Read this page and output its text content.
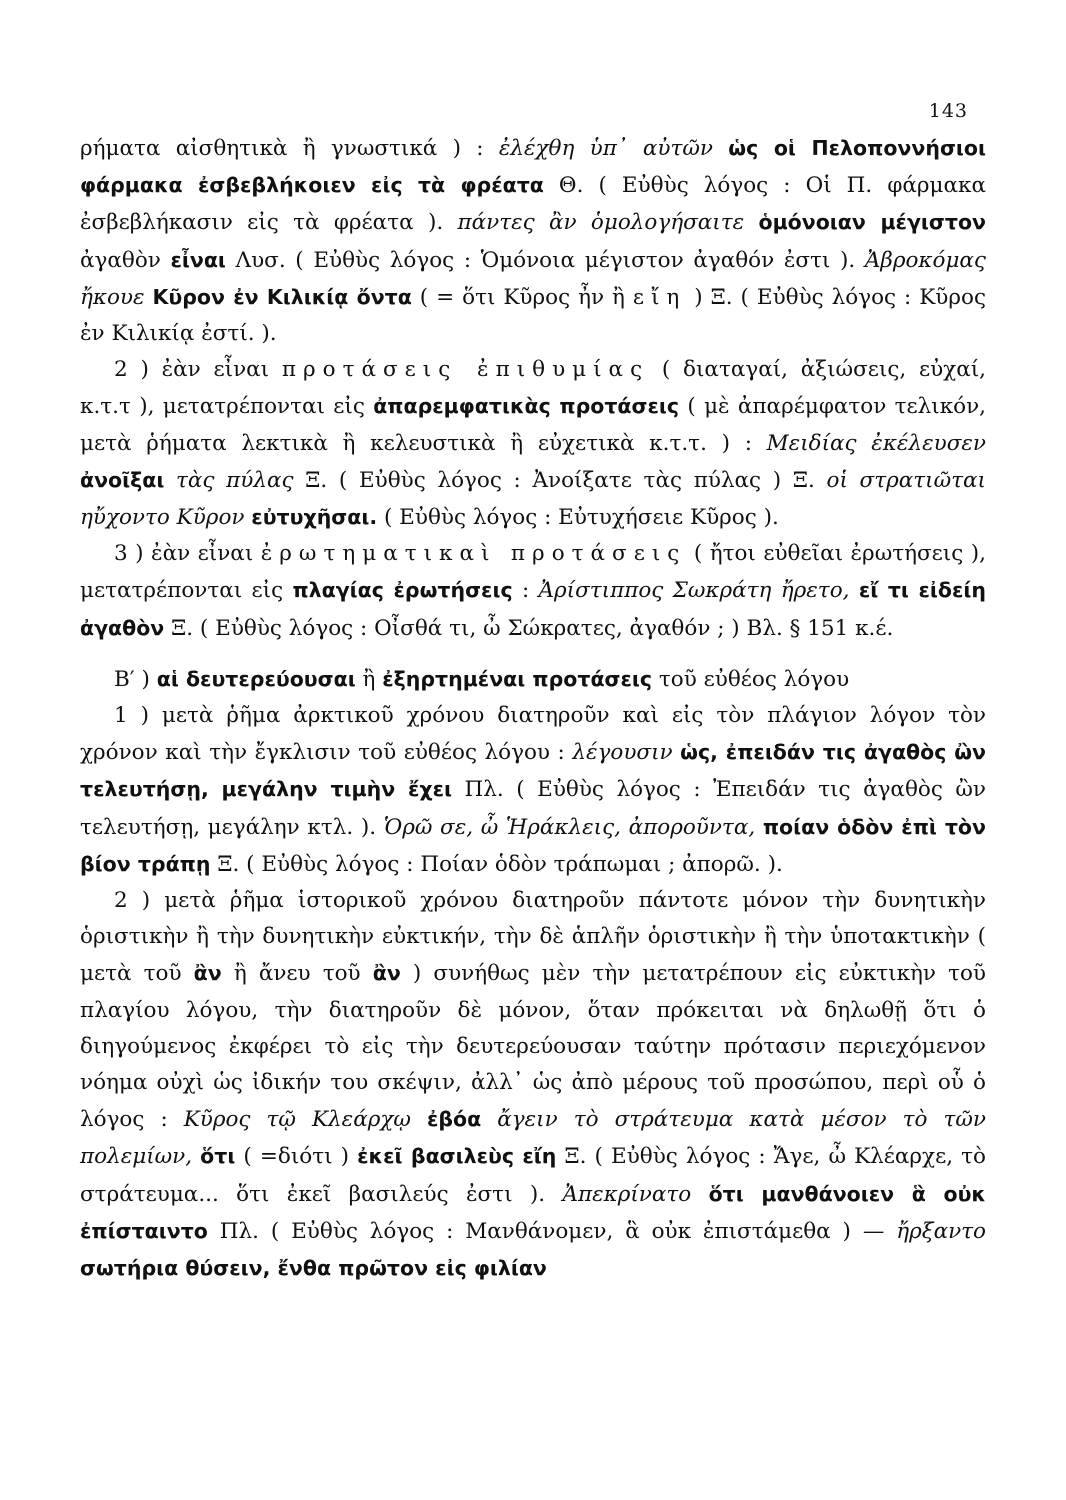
143

ρήματα αἰσθητικὰ ἢ γνωστικά ) : ἐλέχθη ὑπ᾽ αὐτῶν ὡς οἱ Πελοποννήσιοι φάρμακα ἐσβεβλήκοιεν εἰς τὰ φρέατα Θ. ( Εὐθὺς λόγος : Οἱ Π. φάρμακα ἐσβεβλήκασιν εἰς τὰ φρέατα ). πάντες ἂν ὁμολογήσαιτε ὁμόνοιαν μέγιστον ἀγαθὸν εἶναι Λυσ. ( Εὐθὺς λόγος : Ὁμόνοια μέγιστον ἀγαθόν ἐστι ). Ἀβροκόμας ἤκουε Κῦρον ἐν Κιλικίᾳ ὄντα ( = ὅτι Κῦρος ἦν ἢ εἴη ) Ξ. ( Εὐθὺς λόγος : Κῦρος ἐν Κιλικίᾳ ἐστί. ).

2 ) ἐὰν εἶναι προτάσεις ἐπιθυμίας ( διαταγαί, ἀξιώσεις, εὐχαί, κ.τ.τ ), μετατρέπονται εἰς ἀπαρεμφατικὰς προτάσεις ( μὲ ἀπαρέμφατον τελικόν, μετὰ ῥήματα λεκτικὰ ἢ κελευστικὰ ἢ εὐχετικὰ κ.τ.τ. ) : Μειδίας ἐκέλευσεν ἀνοῖξαι τὰς πύλας Ξ. ( Εὐθὺς λόγος : Ἀνοίξατε τὰς πύλας ) Ξ. οἱ στρατιῶται ηὔχοντο Κῦρον εὐτυχῆσαι. ( Εὐθὺς λόγος : Εὐτυχήσειε Κῦρος ).

3 ) ἐὰν εἶναι ἐρωτηματικαὶ προτάσεις ( ἤτοι εὐθεῖαι ἐρωτήσεις ), μετατρέπονται εἰς πλαγίας ἐρωτήσεις : Ἀρίστιππος Σωκράτη ἤρετο, εἴ τι εἰδείη ἀγαθὸν Ξ. ( Εὐθὺς λόγος : Οἶσθά τι, ὦ Σώκρατες, ἀγαθόν ; ) Βλ. § 151 κ.έ.

Β′ ) αἱ δευτερεύουσαι ἢ ἐξηρτημέναι προτάσεις τοῦ εὐθέος λόγου

1 ) μετὰ ῥῆμα ἀρκτικοῦ χρόνου διατηροῦν καὶ εἰς τὸν πλάγιον λόγον τὸν χρόνον καὶ τὴν ἔγκλισιν τοῦ εὐθέος λόγου : λέγουσιν ὡς, ἐπειδάν τις ἀγαθὸς ὢν τελευτήσῃ, μεγάλην τιμὴν ἔχει Πλ. ( Εὐθὺς λόγος : Ἐπειδάν τις ἀγαθὸς ὢν τελευτήσῃ, μεγάλην κτλ. ). Ὁρῶ σε, ὦ Ἡράκλεις, ἀποροῦντα, ποίαν ὁδὸν ἐπὶ τὸν βίον τράπῃ Ξ. ( Εὐθὺς λόγος : Ποίαν ὁδὸν τράπωμαι ; ἀπορῶ. ).

2 ) μετὰ ῥῆμα ἱστορικοῦ χρόνου διατηροῦν πάντοτε μόνον τὴν δυνητικὴν ὁριστικὴν ἢ τὴν δυνητικὴν εὐκτικήν, τὴν δὲ ἁπλῆν ὁριστικὴν ἢ τὴν ὑποτακτικὴν ( μετὰ τοῦ ἂν ἢ ἄνευ τοῦ ἂν ) συνήθως μὲν τὴν μετατρέπουν εἰς εὐκτικὴν τοῦ πλαγίου λόγου, τὴν διατηροῦν δὲ μόνον, ὅταν πρόκειται νὰ δηλωθῇ ὅτι ὁ διηγούμενος ἐκφέρει τὸ εἰς τὴν δευτερεύουσαν ταύτην πρότασιν περιεχόμενον νόημα οὐχὶ ὡς ἰδικήν του σκέψιν, ἀλλ᾽ ὡς ἀπὸ μέρους τοῦ προσώπου, περὶ οὗ ὁ λόγος : Κῦρος τῷ Κλεάρχῳ ἐβόα ἄγειν τὸ στράτευμα κατὰ μέσον τὸ τῶν πολεμίων, ὅτι ( =διότι ) ἐκεῖ βασιλεὺς εἴη Ξ. ( Εὐθὺς λόγος : Ἄγε, ὦ Κλέαρχε, τὸ στράτευμα... ὅτι ἐκεῖ βασιλεύς ἐστι ). Ἀπεκρίνατο ὅτι μανθάνοιεν ἃ οὐκ ἐπίσταιντο Πλ. ( Εὐθὺς λόγος : Μανθάνομεν, ἃ οὐκ ἐπιστάμεθα ) — ἤρξαντο σωτήρια θύσειν, ἔνθα πρῶτον εἰς φιλίαν
